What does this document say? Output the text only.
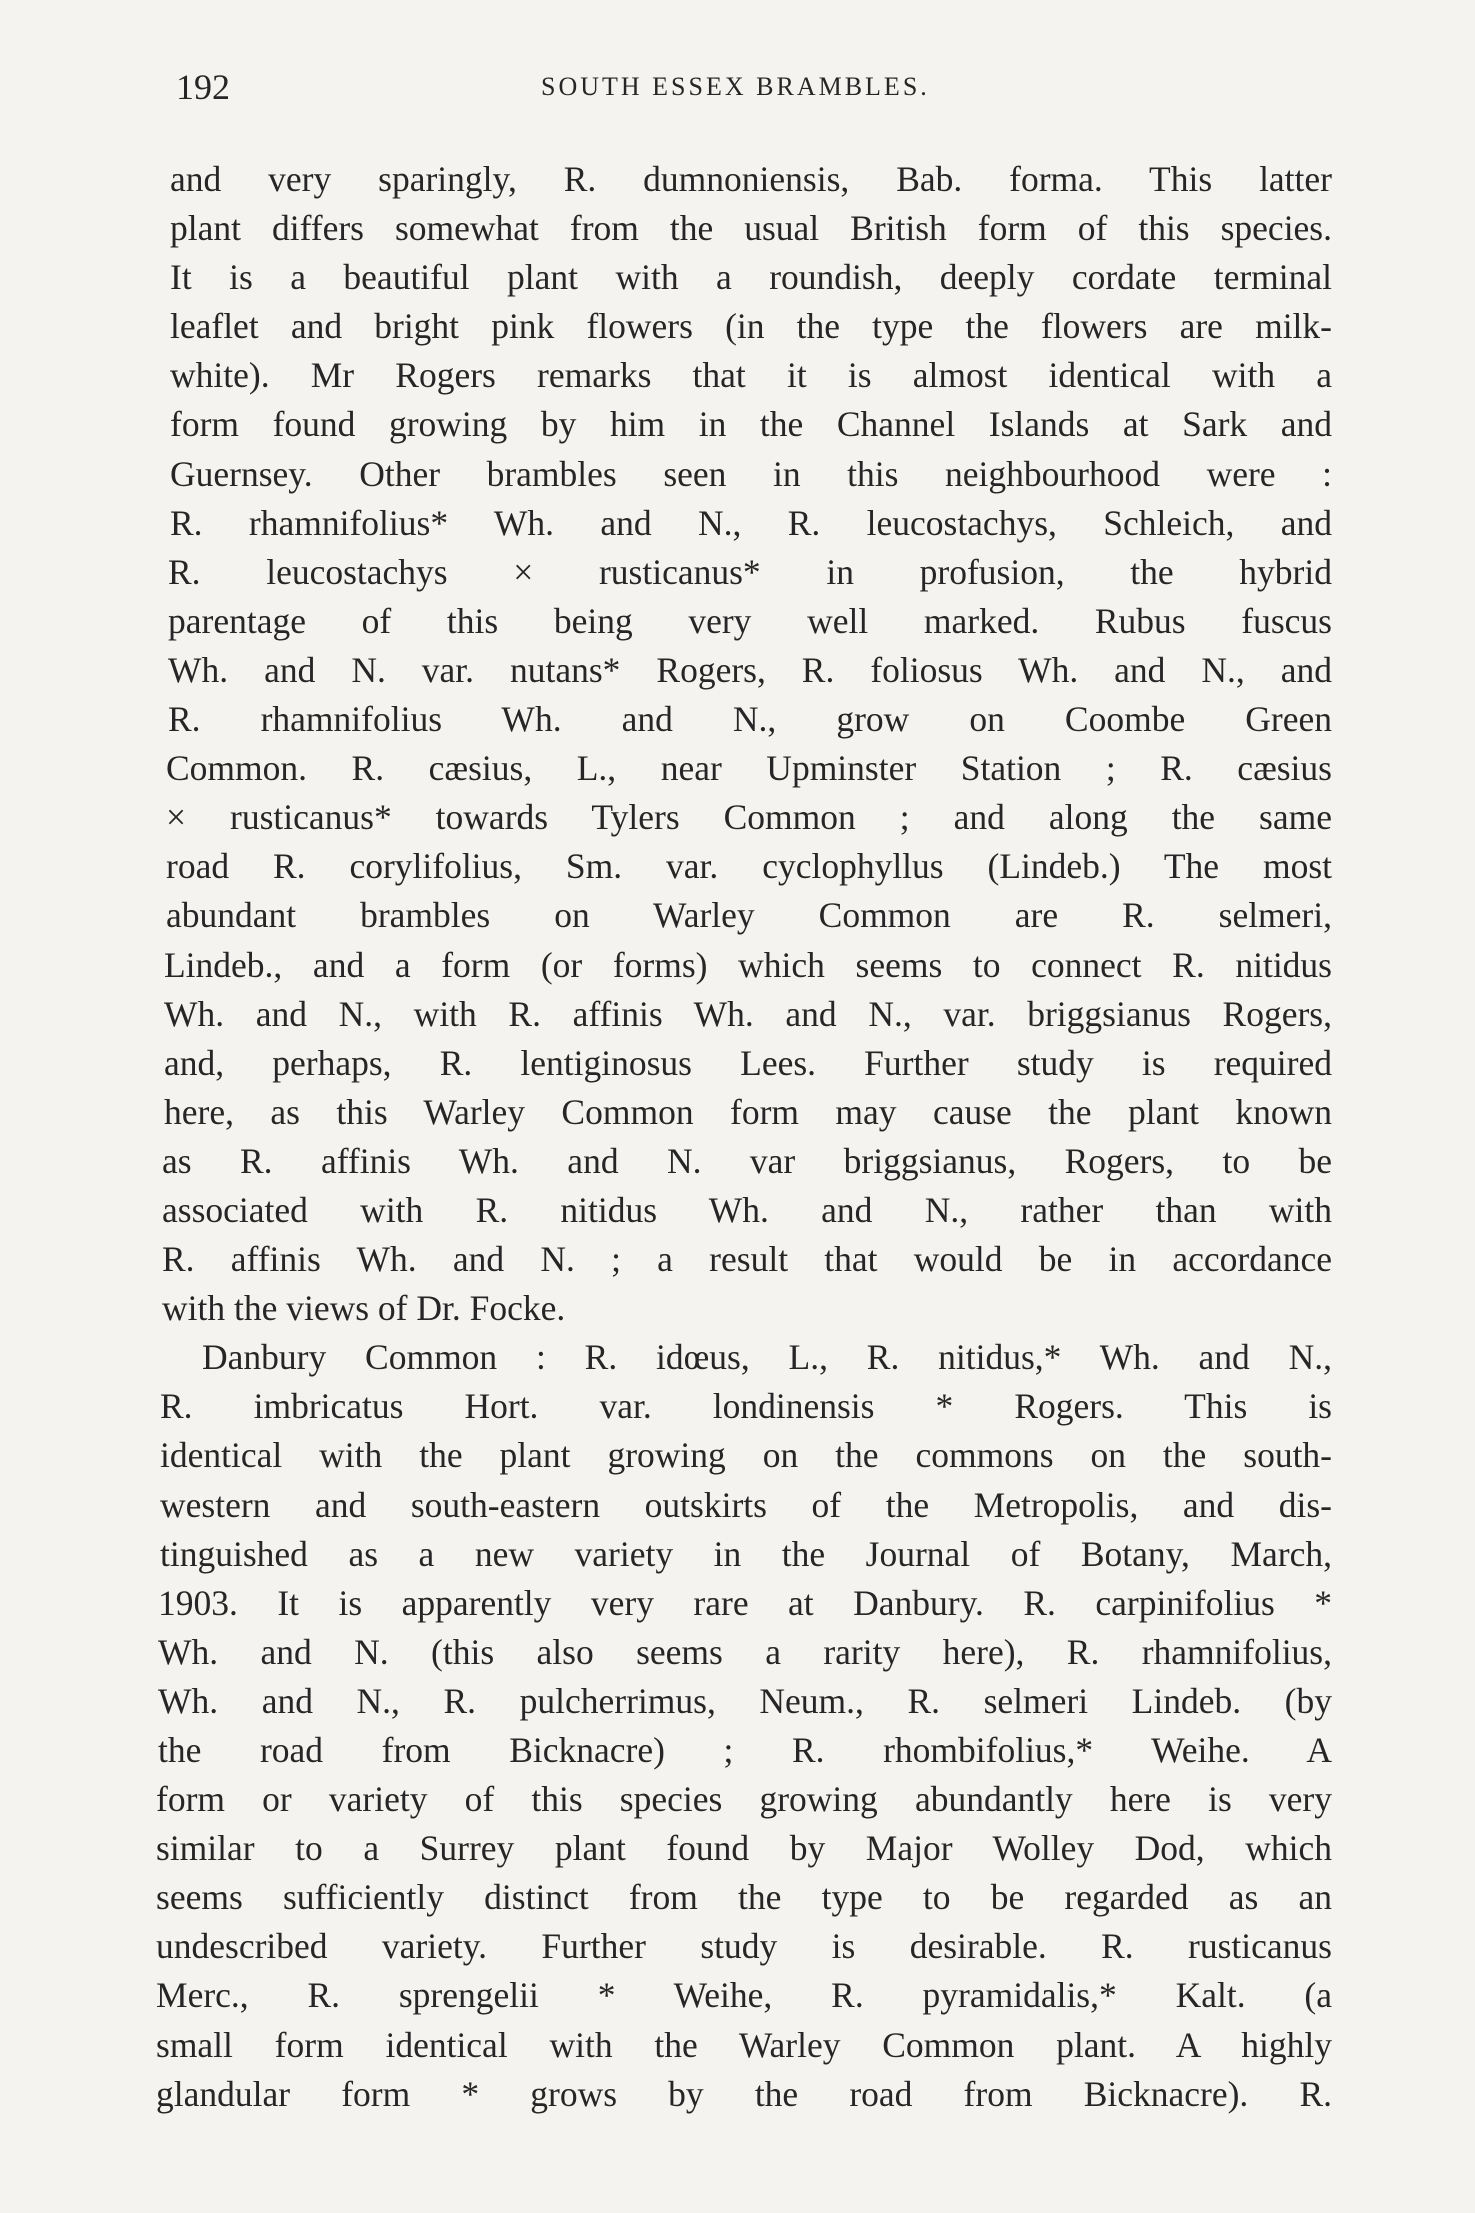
192	SOUTH ESSEX BRAMBLES.
and very sparingly, R. dumnoniensis, Bab. forma. This latter
plant differs somewhat from the usual British form of this species.
It is a beautiful plant with a roundish, deeply cordate terminal
leaflet and bright pink flowers (in the type the flowers are milk-
white). Mr Rogers remarks that it is almost identical with a
form found growing by him in the Channel Islands at Sark and
Guernsey. Other brambles seen in this neighbourhood were :
R. rhamnifolius* Wh. and N., R. leucostachys, Schleich, and
R. leucostachys × rusticanus* in profusion, the hybrid
parentage of this being very well marked. Rubus fuscus
Wh. and N. var. nutans* Rogers, R. foliosus Wh. and N., and
R. rhamnifolius Wh. and N., grow on Coombe Green
Common. R. cæsius, L., near Upminster Station ; R. cæsius
× rusticanus* towards Tylers Common ; and along the same
road R. corylifolius, Sm. var. cyclophyllus (Lindeb.) The most
abundant brambles on Warley Common are R. selmeri,
Lindeb., and a form (or forms) which seems to connect R. nitidus
Wh. and N., with R. affinis Wh. and N., var. briggsianus Rogers,
and, perhaps, R. lentiginosus Lees. Further study is required
here, as this Warley Common form may cause the plant known
as R. affinis Wh. and N. var briggsianus, Rogers, to be
associated with R. nitidus Wh. and N., rather than with
R. affinis Wh. and N. ; a result that would be in accordance
with the views of Dr. Focke.
Danbury Common : R. idœus, L., R. nitidus,* Wh. and N.,
R. imbricatus Hort. var. londinensis * Rogers. This is
identical with the plant growing on the commons on the south-
western and south-eastern outskirts of the Metropolis, and dis-
tinguished as a new variety in the Journal of Botany, March,
1903. It is apparently very rare at Danbury. R. carpinifolius *
Wh. and N. (this also seems a rarity here), R. rhamnifolius,
Wh. and N., R. pulcherrimus, Neum., R. selmeri Lindeb. (by
the road from Bicknacre) ; R. rhombifolius,* Weihe. A
form or variety of this species growing abundantly here is very
similar to a Surrey plant found by Major Wolley Dod, which
seems sufficiently distinct from the type to be regarded as an
undescribed variety. Further study is desirable. R. rusticanus
Merc., R. sprengelii * Weihe, R. pyramidalis,* Kalt. (a
small form identical with the Warley Common plant. A highly
glandular form * grows by the road from Bicknacre). R.
